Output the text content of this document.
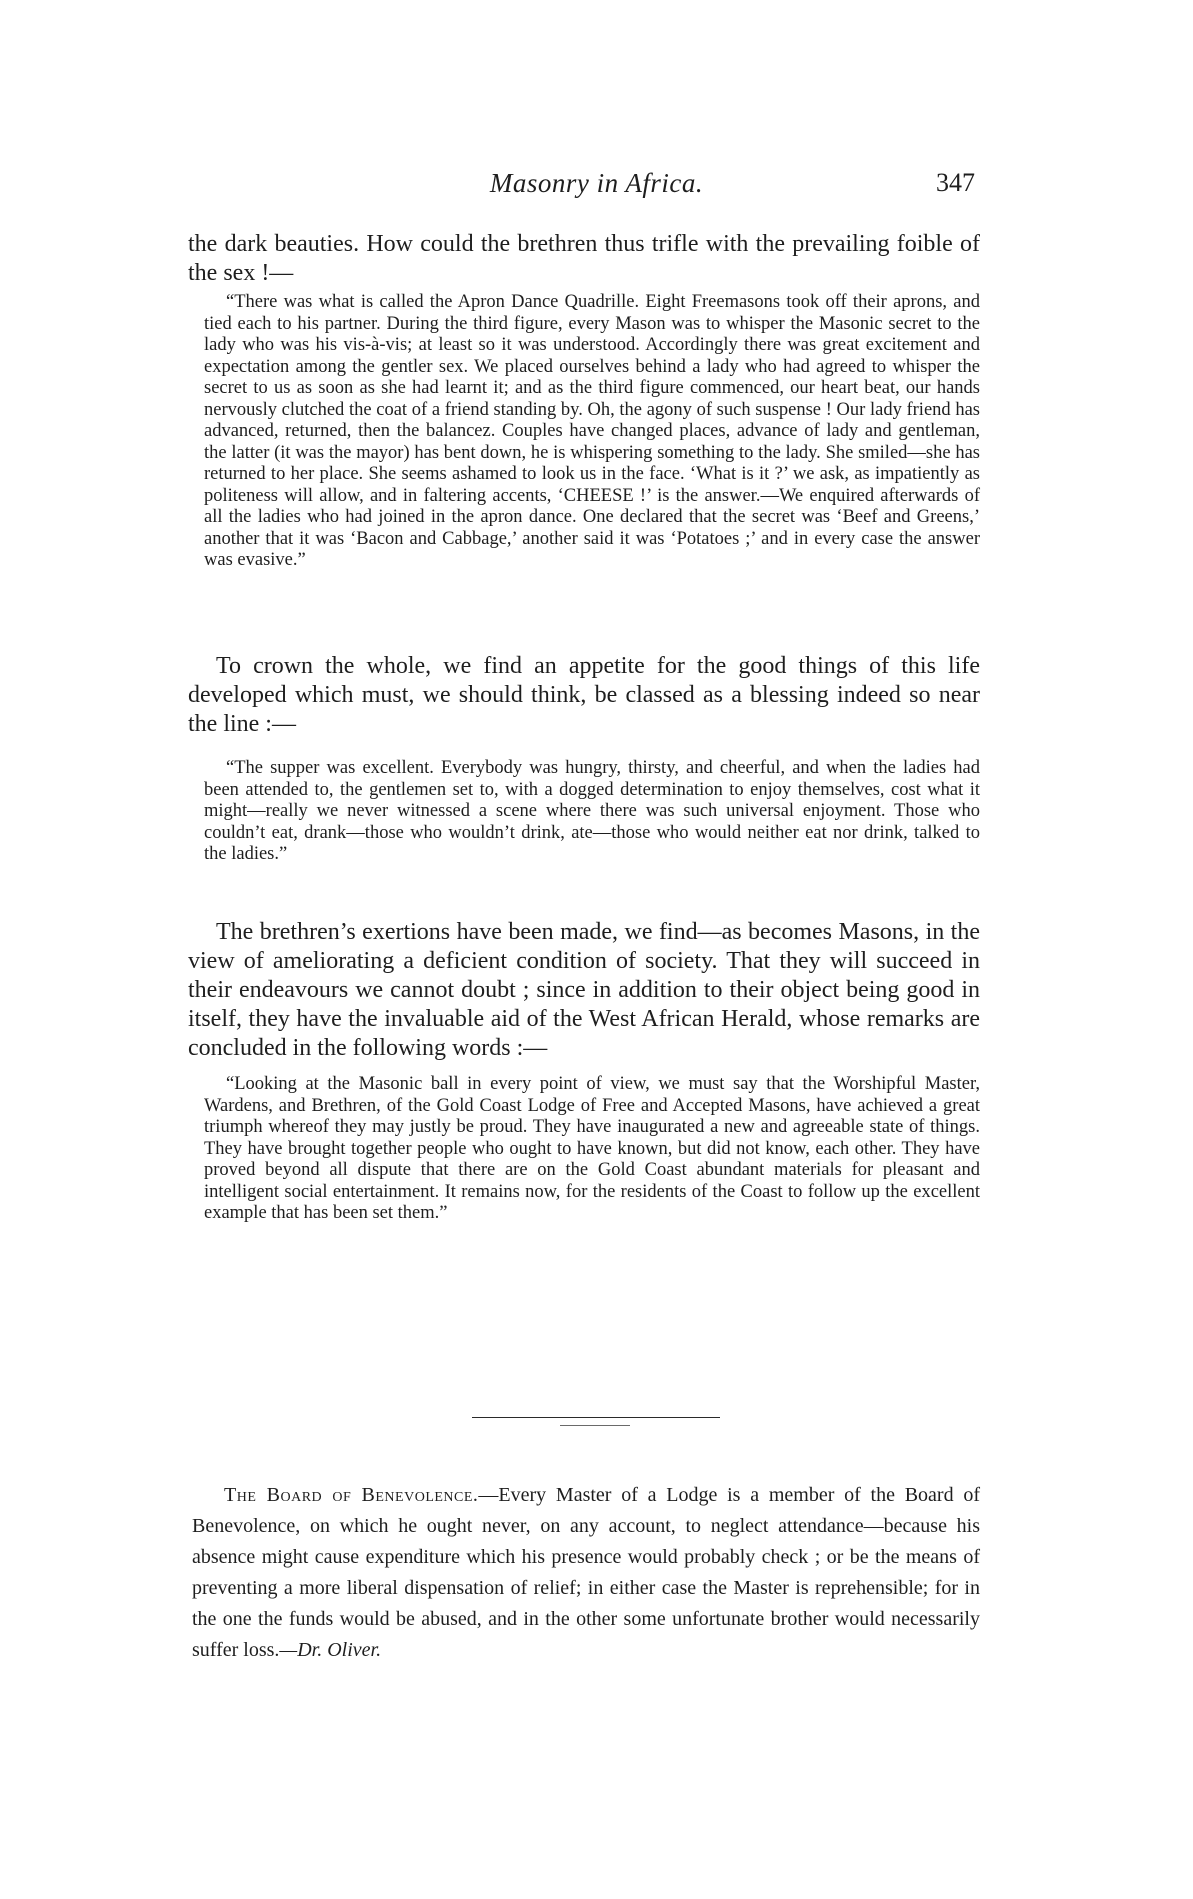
Masonry in Africa.	347

the dark beauties. How could the brethren thus trifle with the prevailing foible of the sex !—

“There was what is called the Apron Dance Quadrille. Eight Freemasons took off their aprons, and tied each to his partner. During the third figure, every Mason was to whisper the Masonic secret to the lady who was his vis-à-vis; at least so it was understood. Accordingly there was great excitement and expectation among the gentler sex. We placed ourselves behind a lady who had agreed to whisper the secret to us as soon as she had learnt it; and as the third figure commenced, our heart beat, our hands nervously clutched the coat of a friend standing by. Oh, the agony of such suspense ! Our lady friend has advanced, returned, then the balancez. Couples have changed places, advance of lady and gentleman, the latter (it was the mayor) has bent down, he is whispering something to the lady. She smiled—she has returned to her place. She seems ashamed to look us in the face. ‘What is it ?’ we ask, as impatiently as politeness will allow, and in faltering accents, ‘CHEESE !’ is the answer.—We enquired afterwards of all the ladies who had joined in the apron dance. One declared that the secret was ‘Beef and Greens,’ another that it was ‘Bacon and Cabbage,’ another said it was ‘Potatoes ;’ and in every case the answer was evasive.”

To crown the whole, we find an appetite for the good things of this life developed which must, we should think, be classed as a blessing indeed so near the line :—

“The supper was excellent. Everybody was hungry, thirsty, and cheerful, and when the ladies had been attended to, the gentlemen set to, with a dogged determination to enjoy themselves, cost what it might—really we never witnessed a scene where there was such universal enjoyment. Those who couldn’t eat, drank—those who wouldn’t drink, ate—those who would neither eat nor drink, talked to the ladies.”

The brethren’s exertions have been made, we find—as becomes Masons, in the view of ameliorating a deficient condition of society. That they will succeed in their endeavours we cannot doubt ; since in addition to their object being good in itself, they have the invaluable aid of the West African Herald, whose remarks are concluded in the following words :—

“Looking at the Masonic ball in every point of view, we must say that the Worshipful Master, Wardens, and Brethren, of the Gold Coast Lodge of Free and Accepted Masons, have achieved a great triumph whereof they may justly be proud. They have inaugurated a new and agreeable state of things. They have brought together people who ought to have known, but did not know, each other. They have proved beyond all dispute that there are on the Gold Coast abundant materials for pleasant and intelligent social entertainment. It remains now, for the residents of the Coast to follow up the excellent example that has been set them.”

The Board of Benevolence.—Every Master of a Lodge is a member of the Board of Benevolence, on which he ought never, on any account, to neglect attendance—because his absence might cause expenditure which his presence would probably check ; or be the means of preventing a more liberal dispensation of relief; in either case the Master is reprehensible; for in the one the funds would be abused, and in the other some unfortunate brother would necessarily suffer loss.—Dr. Oliver.
